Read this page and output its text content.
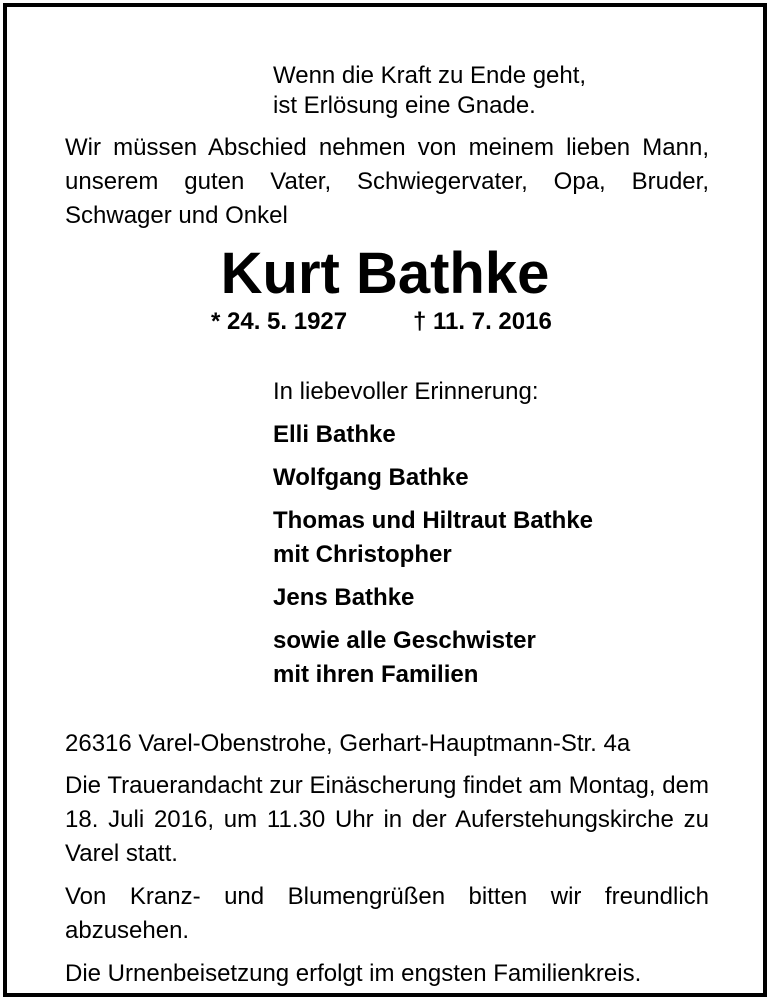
Wenn die Kraft zu Ende geht,
ist Erlösung eine Gnade.
Wir müssen Abschied nehmen von meinem lieben Mann, unserem guten Vater, Schwiegervater, Opa, Bruder, Schwager und Onkel
Kurt Bathke
* 24. 5. 1927	† 11. 7. 2016
In liebevoller Erinnerung:
Elli Bathke
Wolfgang Bathke
Thomas und Hiltraut Bathke
mit Christopher
Jens Bathke
sowie alle Geschwister
mit ihren Familien
26316 Varel-Obenstrohe, Gerhart-Hauptmann-Str. 4a
Die Trauerandacht zur Einäscherung findet am Montag, dem 18. Juli 2016, um 11.30 Uhr in der Auferstehungskirche zu Varel statt.
Von Kranz- und Blumengrüßen bitten wir freundlich abzusehen.
Die Urnenbeisetzung erfolgt im engsten Familienkreis.
